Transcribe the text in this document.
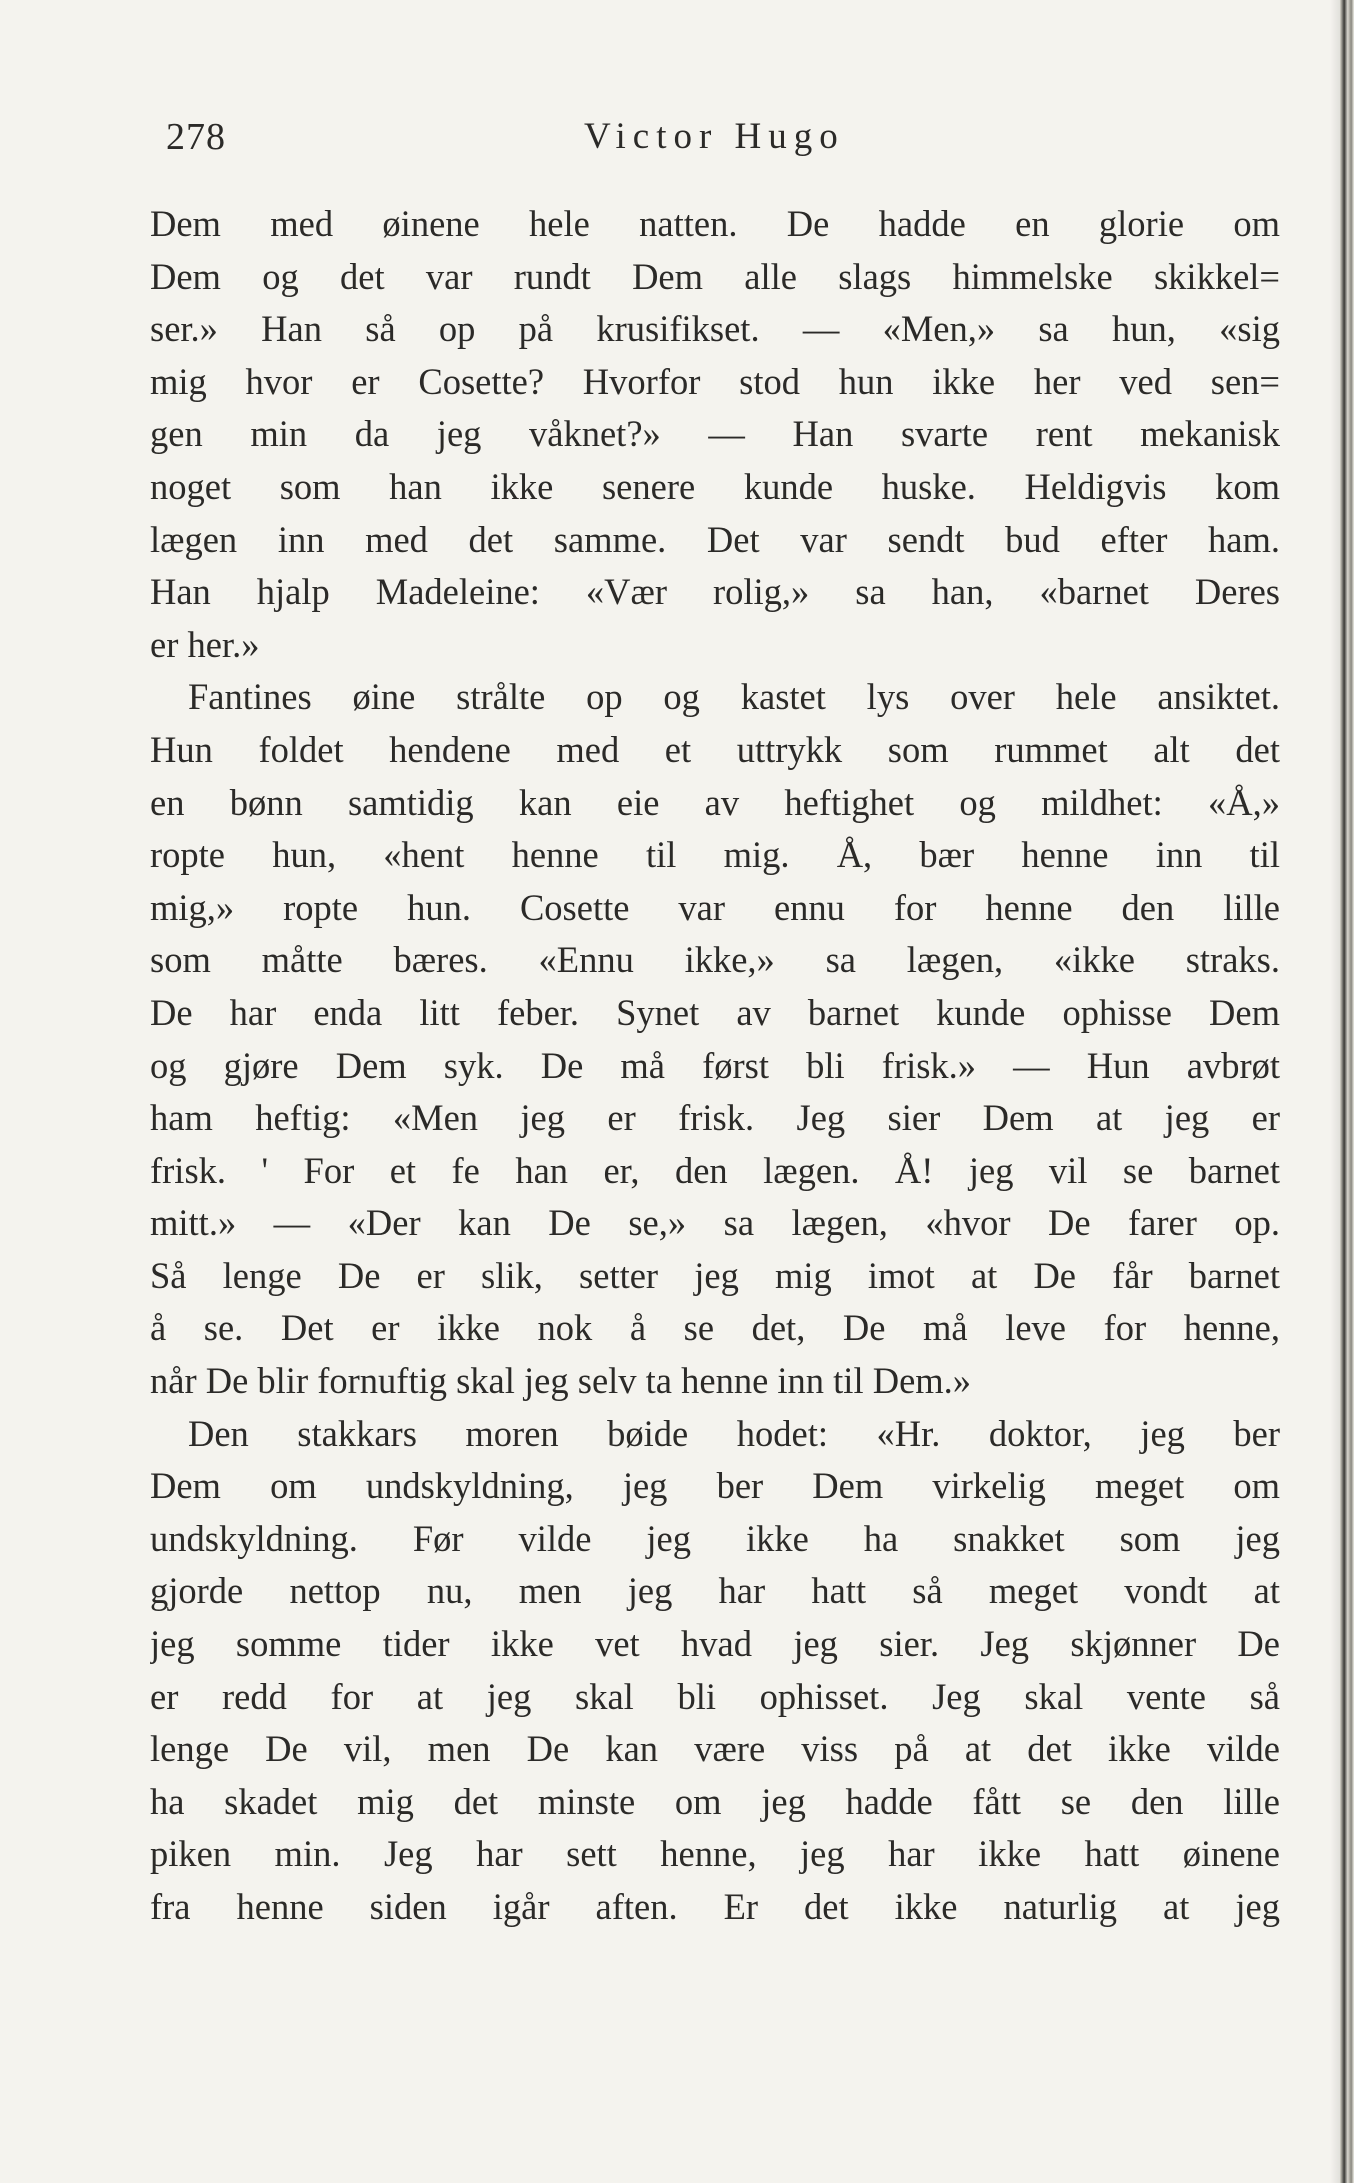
278	Victor Hugo
Dem med øinene hele natten. De hadde en glorie om
Dem og det var rundt Dem alle slags himmelske skikkel=
ser.» Han så op på krusifikset. — «Men,» sa hun, «sig
mig hvor er Cosette? Hvorfor stod hun ikke her ved sen=
gen min da jeg våknet?» — Han svarte rent mekanisk
noget som han ikke senere kunde huske. Heldigvis kom
lægen inn med det samme. Det var sendt bud efter ham.
Han hjalp Madeleine: «Vær rolig,» sa han, «barnet Deres
er her.»
Fantines øine strålte op og kastet lys over hele ansiktet.
Hun foldet hendene med et uttrykk som rummet alt det
en bønn samtidig kan eie av heftighet og mildhet: «Å,»
ropte hun, «hent henne til mig. Å, bær henne inn til
mig,» ropte hun. Cosette var ennu for henne den lille
som måtte bæres. «Ennu ikke,» sa lægen, «ikke straks.
De har enda litt feber. Synet av barnet kunde ophisse Dem
og gjøre Dem syk. De må først bli frisk.» — Hun avbrøt
ham heftig: «Men jeg er frisk. Jeg sier Dem at jeg er
frisk. ' For et fe han er, den lægen. Å! jeg vil se barnet
mitt.» — «Der kan De se,» sa lægen, «hvor De farer op.
Så lenge De er slik, setter jeg mig imot at De får barnet
å se. Det er ikke nok å se det, De må leve for henne,
når De blir fornuftig skal jeg selv ta henne inn til Dem.»
Den stakkars moren bøide hodet: «Hr. doktor, jeg ber
Dem om undskyldning, jeg ber Dem virkelig meget om
undskyldning. Før vilde jeg ikke ha snakket som jeg
gjorde nettop nu, men jeg har hatt så meget vondt at
jeg somme tider ikke vet hvad jeg sier. Jeg skjønner De
er redd for at jeg skal bli ophisset. Jeg skal vente så
lenge De vil, men De kan være viss på at det ikke vilde
ha skadet mig det minste om jeg hadde fått se den lille
piken min. Jeg har sett henne, jeg har ikke hatt øinene
fra henne siden igår aften. Er det ikke naturlig at jeg
